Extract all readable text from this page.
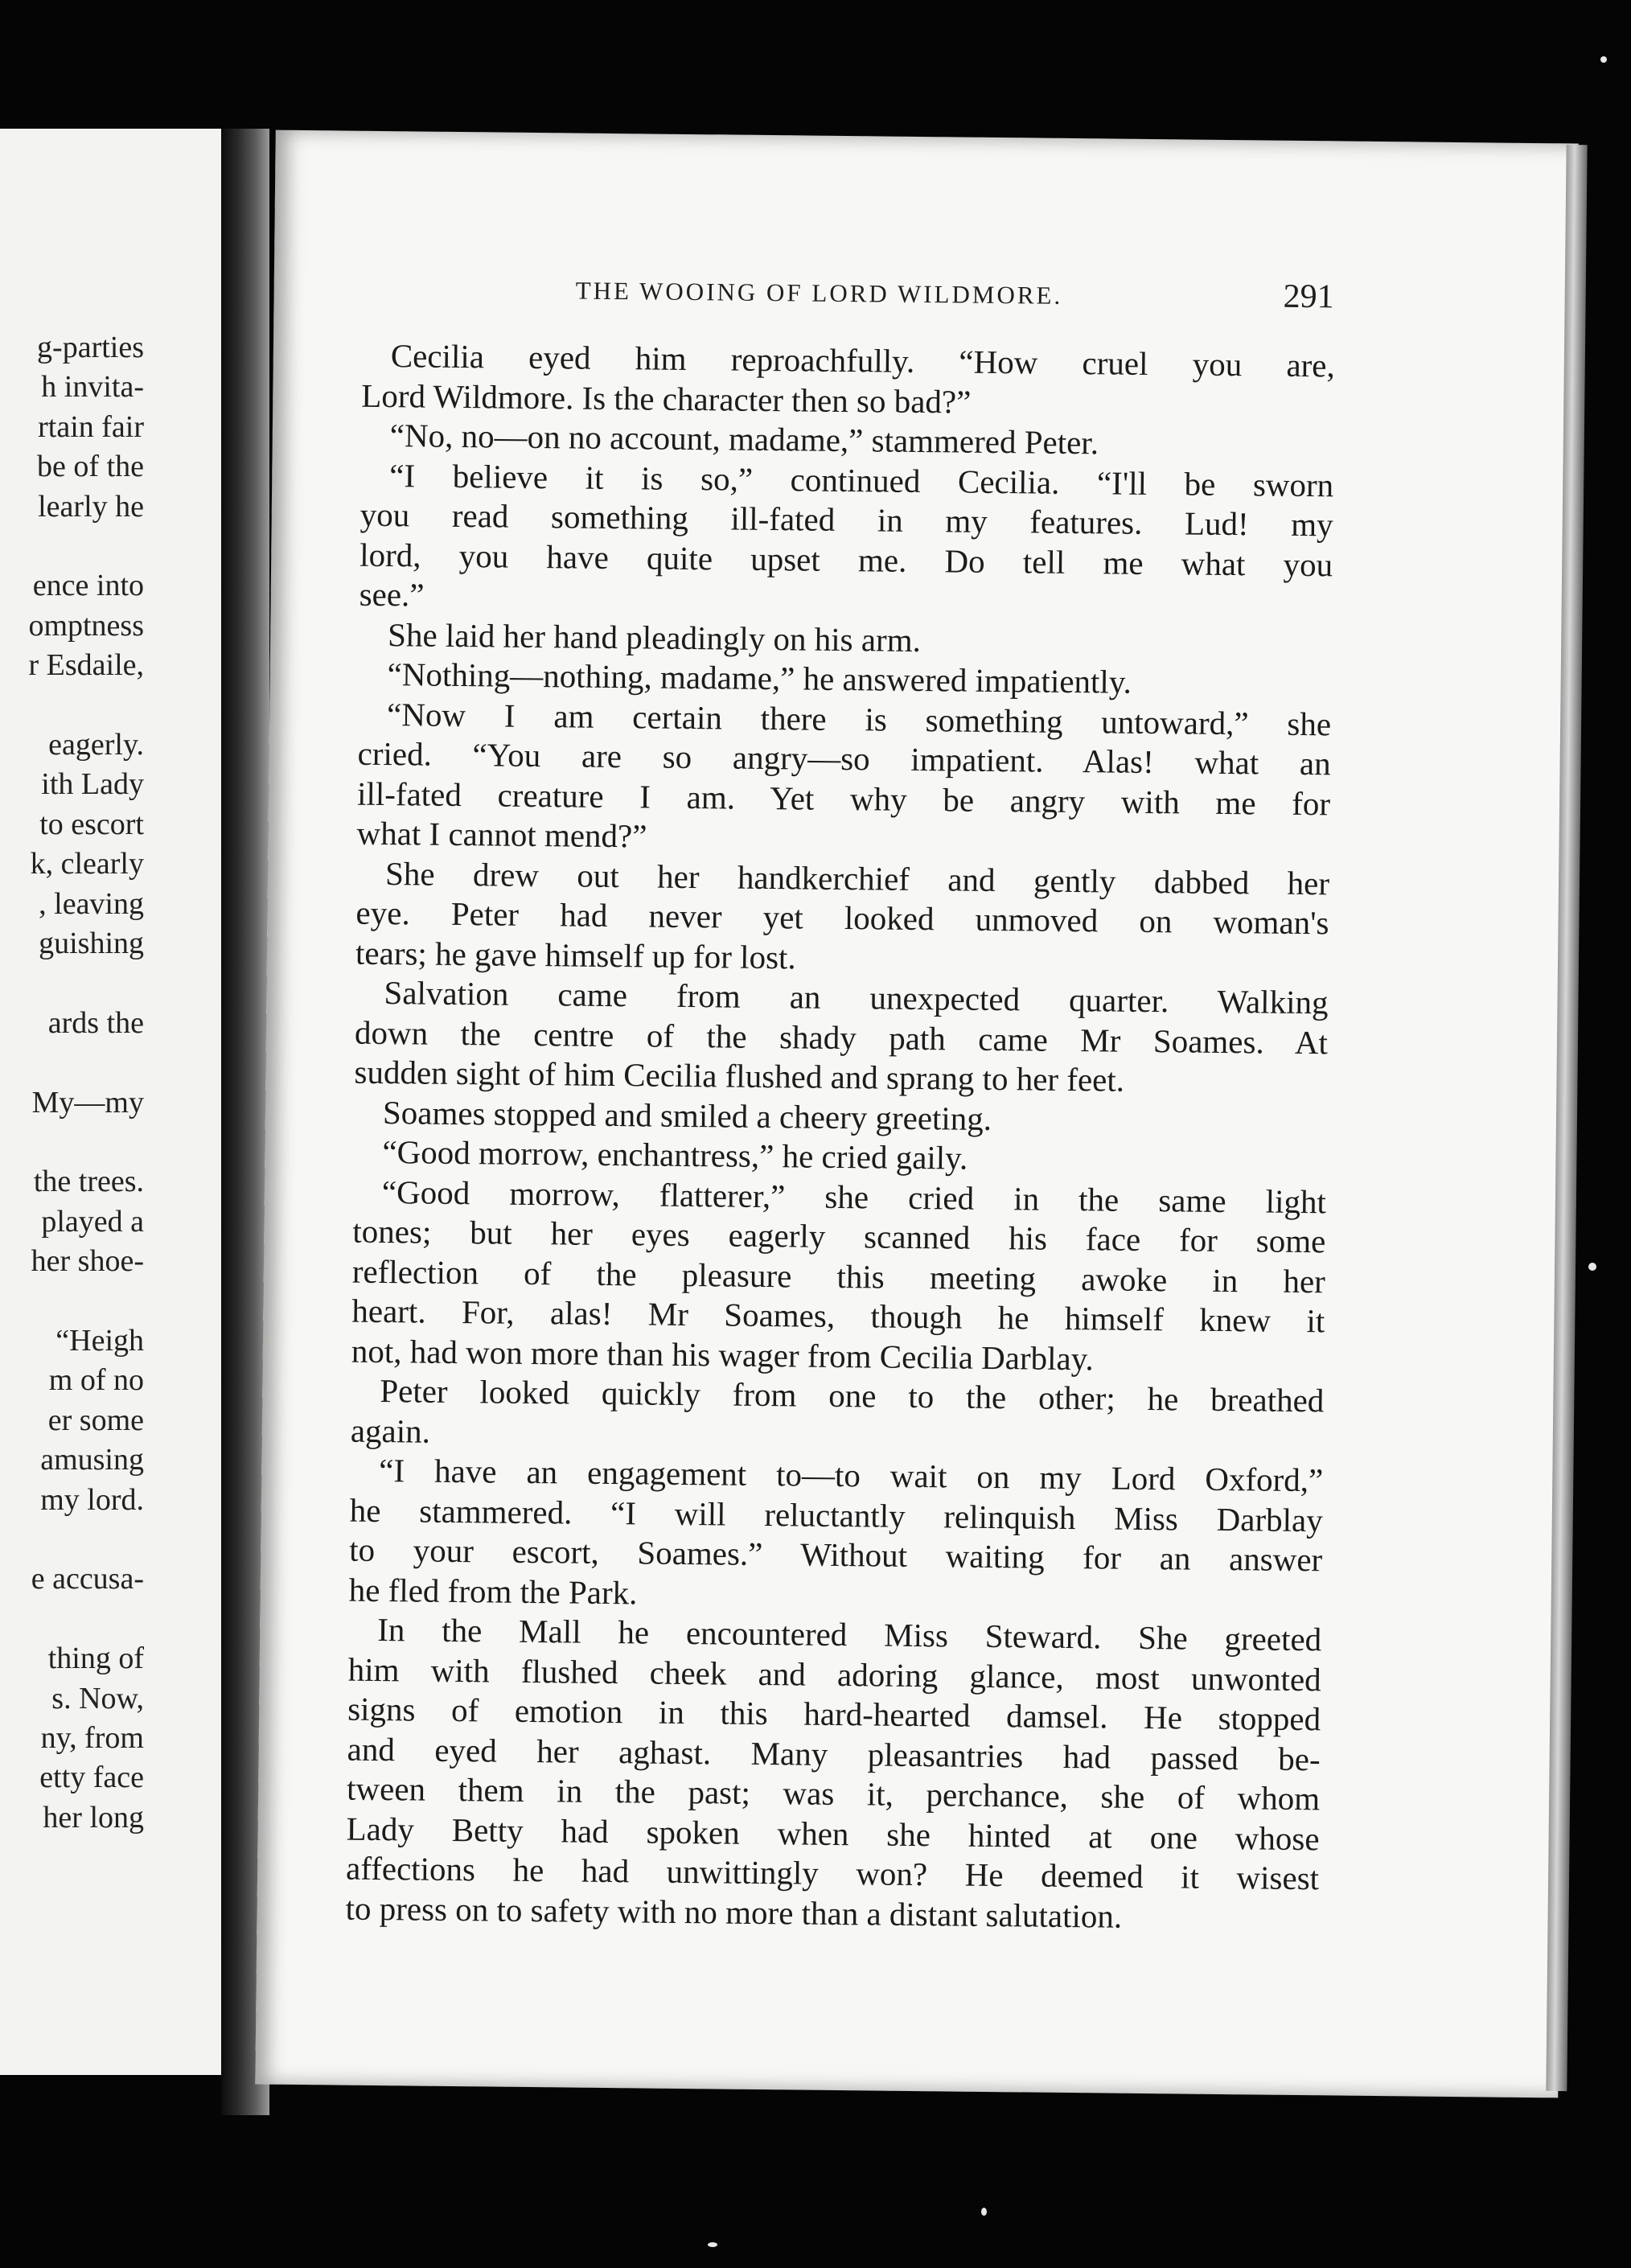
g-parties
h invita-
rtain fair
be of the
learly he
ence into
omptness
r Esdaile,
eagerly.
ith Lady
to escort
k, clearly
, leaving
guishing
ards the
My—my
the trees.
played a
her shoe-
“Heigh
m of no
er some
amusing
my lord.
e accusa-
thing of
s. Now,
ny, from
etty face
her long
THE WOOING OF LORD WILDMORE.	291
Cecilia eyed him reproachfully. “How cruel you are,
Lord Wildmore. Is the character then so bad?”
“No, no—on no account, madame,” stammered Peter.
“I believe it is so,” continued Cecilia. “I'll be sworn
you read something ill-fated in my features. Lud! my
lord, you have quite upset me. Do tell me what you
see.”
She laid her hand pleadingly on his arm.
“Nothing—nothing, madame,” he answered impatiently.
“Now I am certain there is something untoward,” she
cried. “You are so angry—so impatient. Alas! what an
ill-fated creature I am. Yet why be angry with me for
what I cannot mend?”
She drew out her handkerchief and gently dabbed her
eye. Peter had never yet looked unmoved on woman's
tears; he gave himself up for lost.
Salvation came from an unexpected quarter. Walking
down the centre of the shady path came Mr Soames. At
sudden sight of him Cecilia flushed and sprang to her feet.
Soames stopped and smiled a cheery greeting.
“Good morrow, enchantress,” he cried gaily.
“Good morrow, flatterer,” she cried in the same light
tones; but her eyes eagerly scanned his face for some
reflection of the pleasure this meeting awoke in her
heart. For, alas! Mr Soames, though he himself knew it
not, had won more than his wager from Cecilia Darblay.
Peter looked quickly from one to the other; he breathed
again.
“I have an engagement to—to wait on my Lord Oxford,”
he stammered. “I will reluctantly relinquish Miss Darblay
to your escort, Soames.” Without waiting for an answer
he fled from the Park.
In the Mall he encountered Miss Steward. She greeted
him with flushed cheek and adoring glance, most unwonted
signs of emotion in this hard-hearted damsel. He stopped
and eyed her aghast. Many pleasantries had passed be-
tween them in the past; was it, perchance, she of whom
Lady Betty had spoken when she hinted at one whose
affections he had unwittingly won? He deemed it wisest
to press on to safety with no more than a distant salutation.
